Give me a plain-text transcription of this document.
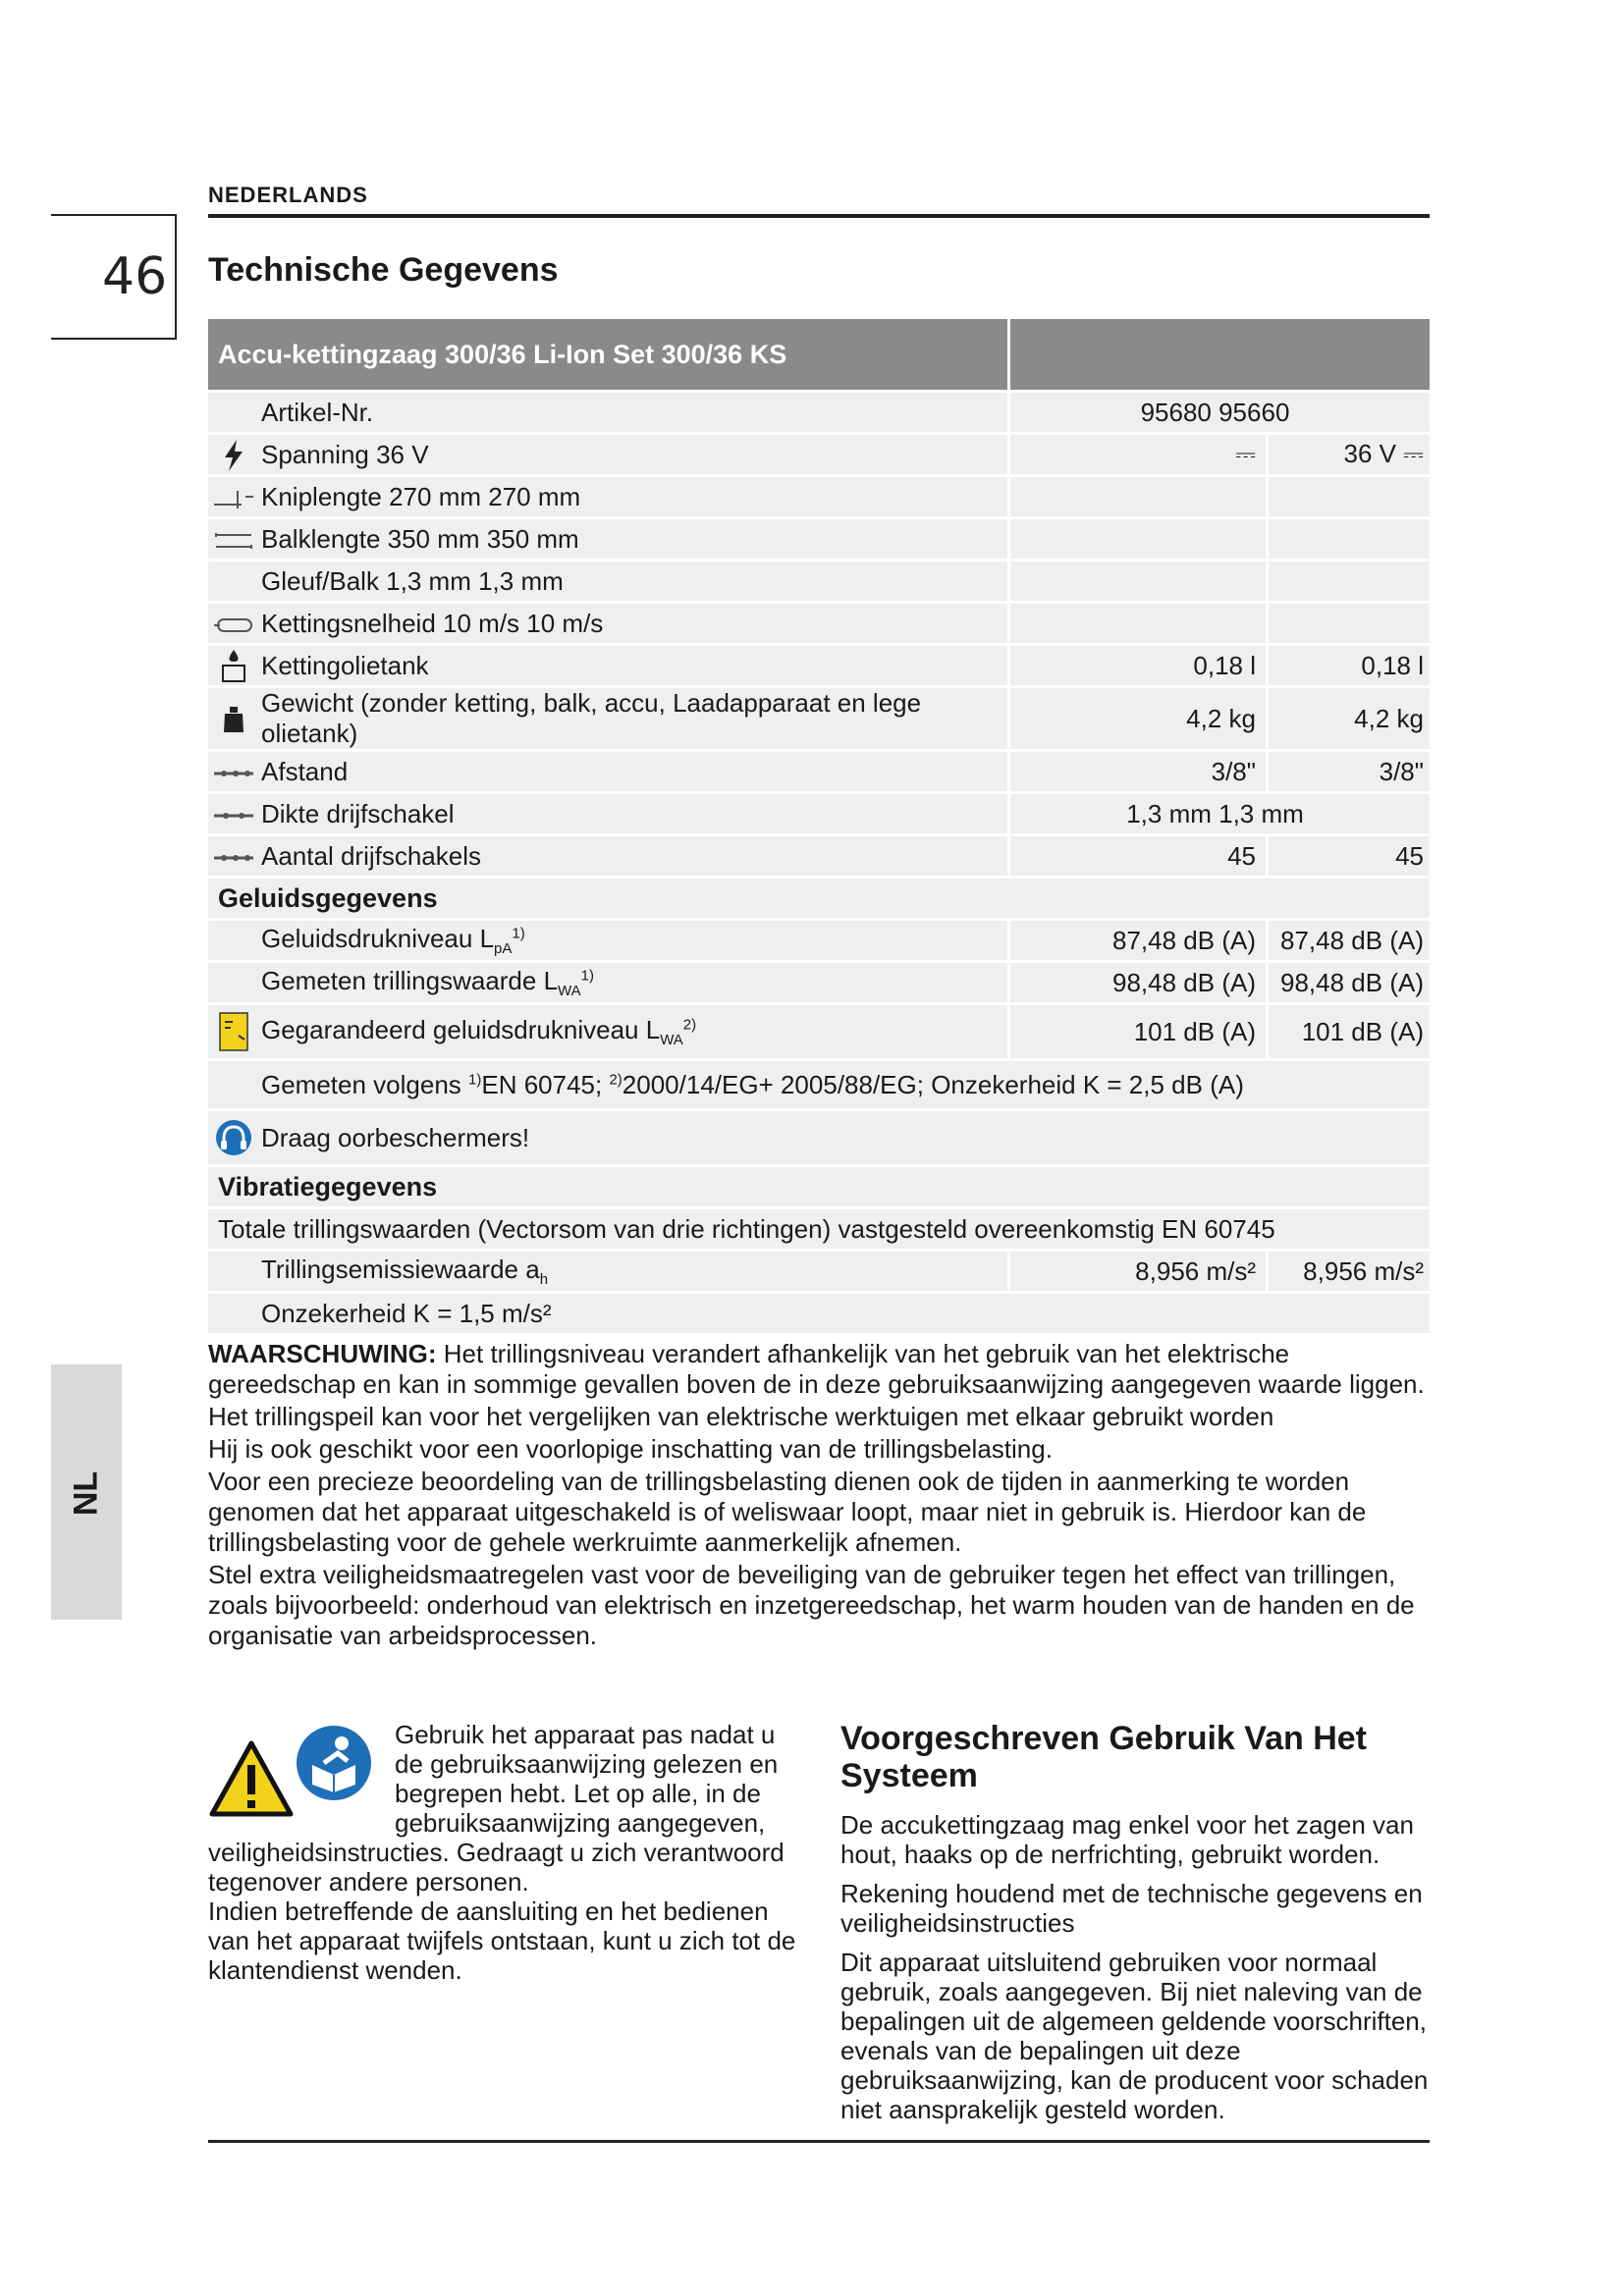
NEDERLANDS
46 Technische Gegevens
Accu-kettingzaag 300/36 Li-Ion Set 300/36 KS			
	Artikel-Nr.	95680 95660	
	Spanning 36 V	⎓	36 V ⎓
	Kniplengte 270 mm 270 mm		
	Balklengte 350 mm 350 mm		
	Gleuf/Balk 1,3 mm 1,3 mm		
	Kettingsnelheid 10 m/s 10 m/s		
	Kettingolietank	0,18 l	0,18 l
	Gewicht (zonder ketting, balk, accu, Laadapparaat en lege olietank)	4,2 kg	4,2 kg
	Afstand	3/8"	3/8"
	Dikte drijfschakel	1,3 mm 1,3 mm	
	Aantal drijfschakels	45	45
Geluidsgegevens			
	Geluidsdrukniveau $L_{pA}^{1)}$	87,48 dB (A)	87,48 dB (A)
	Gemeten trillingswaarde $L_{WA}^{1)}$	98,48 dB (A)	98,48 dB (A)
	Gegarandeerd geluidsdrukniveau $L_{WA}^{2)}$	101 dB (A)	101 dB (A)
	Gemeten volgens $^{1)}$EN 60745; $^{2)}$2000/14/EG+ 2005/88/EG; Onzekerheid K = 2,5 dB (A)		
	Draag oorbeschermers!		
Vibratiegegevens			
Totale trillingswaarden (Vectorsom van drie richtingen) vastgesteld overeenkomstig EN 60745			
	Trillingsemissiewaarde $a_h$	8,956 m/s²	8,956 m/s²
	Onzekerheid K = 1,5 m/s²		
NL

WAARSCHUWING: Het trillingsniveau verandert afhankelijk van het gebruik van het elektrische gereedschap en kan in sommige gevallen boven de in deze gebruiksaanwijzing aangegeven waarde liggen.

Het trillingspeil kan voor het vergelijken van elektrische werktuigen met elkaar gebruikt worden

Hij is ook geschikt voor een voorlopige inschatting van de trillingsbelasting.

Voor een precieze beoordeling van de trillingsbelasting dienen ook de tijden in aanmerking te worden genomen dat het apparaat uitgeschakeld is of weliswaar loopt, maar niet in gebruik is. Hierdoor kan de trillingsbelasting voor de gehele werkruimte aanmerkelijk afnemen.

Stel extra veiligheidsmaatregelen vast voor de beveiliging van de gebruiker tegen het effect van trillingen, zoals bijvoorbeeld: onderhoud van elektrisch en inzetgereedschap, het warm houden van de handen en de organisatie van arbeidsprocessen.

Gebruik het apparaat pas nadat u de gebruiksaanwijzing gelezen en begrepen hebt. Let op alle, in de gebruiksaanwijzing aangegeven, veiligheidsinstructies. Gedraagt u zich verantwoord tegenover andere personen.

Indien betreffende de aansluiting en het bedienen van het apparaat twijfels ontstaan, kunt u zich tot de klantendienst wenden.

Voorgeschreven Gebruik Van Het Systeem

De accukettingzaag mag enkel voor het zagen van hout, haaks op de nerfrichting, gebruikt worden.

Rekening houdend met de technische gegevens en veiligheidsinstructies

Dit apparaat uitsluitend gebruiken voor normaal gebruik, zoals aangegeven. Bij niet naleving van de bepalingen uit de algemeen geldende voorschriften, evenals van de bepalingen uit deze gebruiksaanwijzing, kan de producent voor schaden niet aansprakelijk gesteld worden.
